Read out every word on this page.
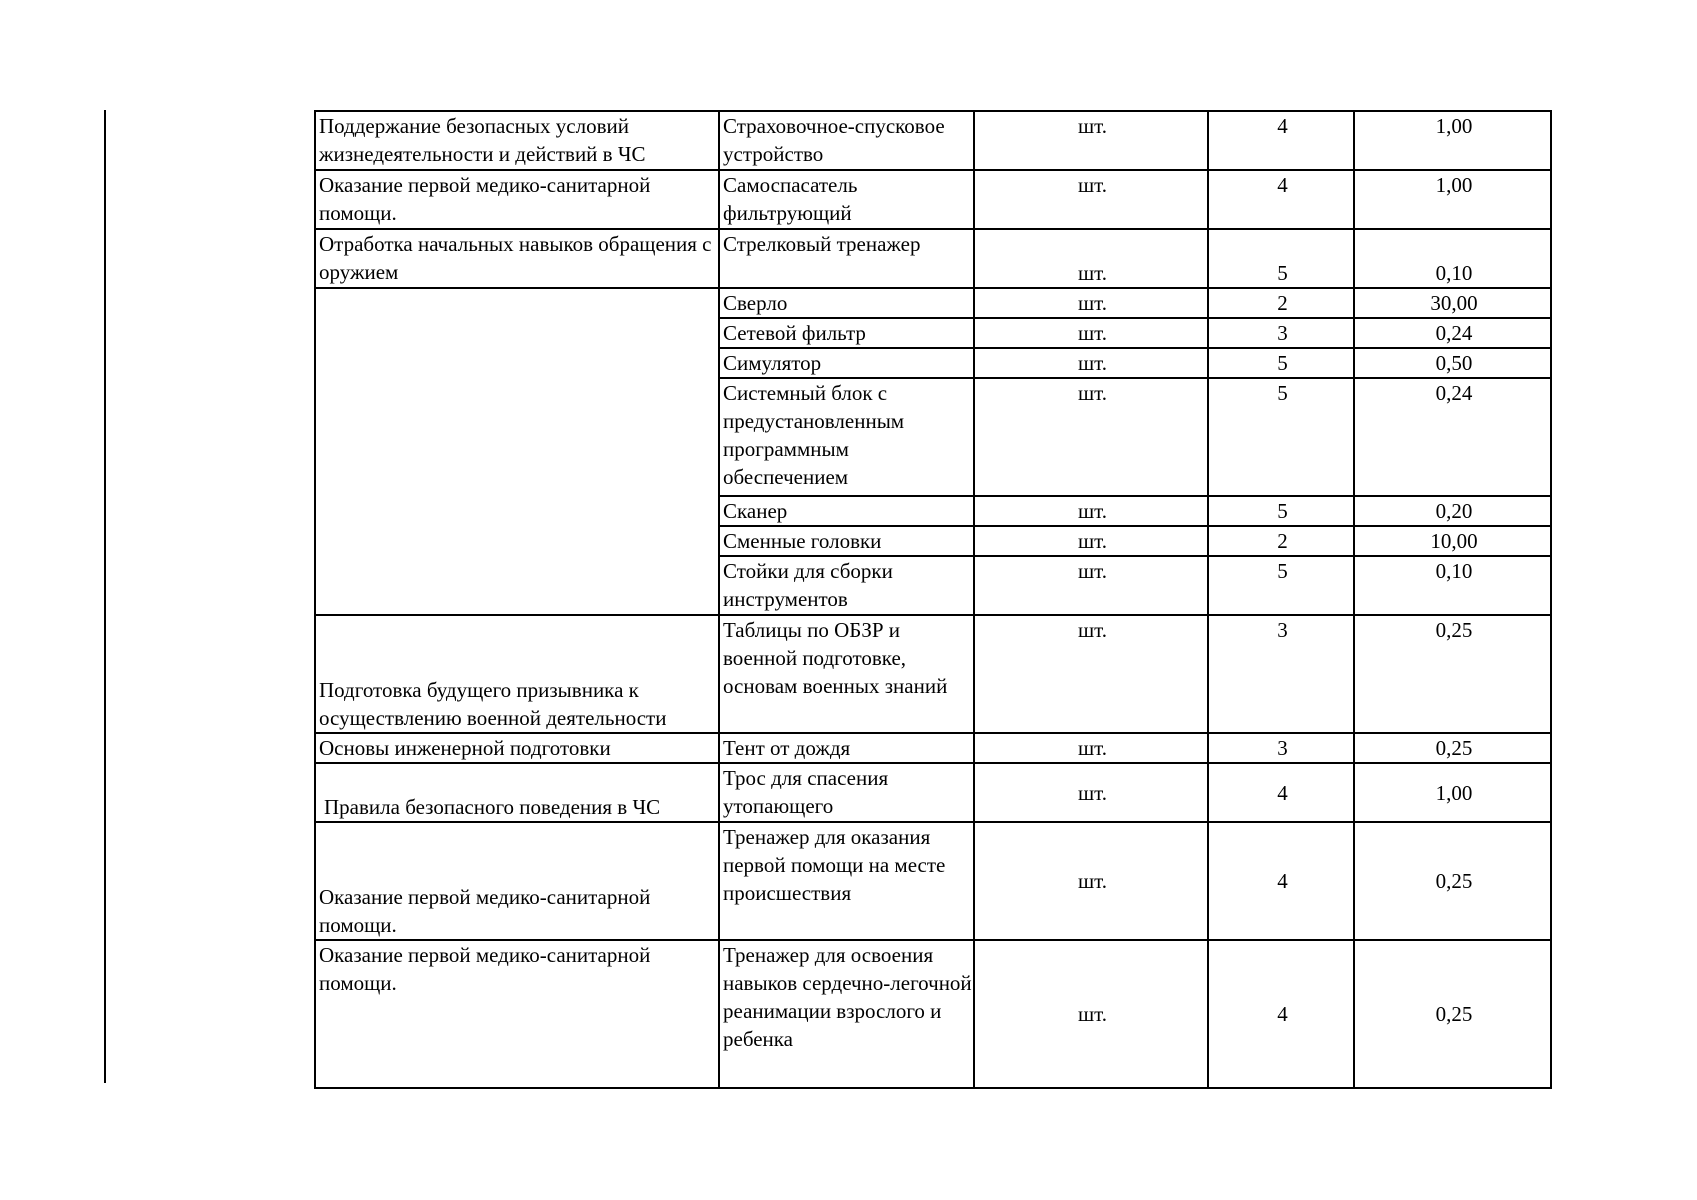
Поддержание безопасных условий жизнедеятельности и действий в ЧС	Страховочное-спусковое устройство	шт.	4	1,00
Оказание первой медико-санитарной помощи.	Самоспасатель фильтрующий	шт.	4	1,00
Отработка начальных навыков обращения с оружием	Стрелковый тренажер	шт.	5	0,10
	Сверло	шт.	2	30,00
	Сетевой фильтр	шт.	3	0,24
	Симулятор	шт.	5	0,50
	Системный блок с предустановленным программным обеспечением	шт.	5	0,24
	Сканер	шт.	5	0,20
	Сменные головки	шт.	2	10,00
	Стойки для сборки инструментов	шт.	5	0,10
Подготовка будущего призывника к осуществлению военной деятельности	Таблицы по ОБЗР и военной подготовке, основам военных знаний	шт.	3	0,25
Основы инженерной подготовки	Тент от дождя	шт.	3	0,25
Правила безопасного поведения в ЧС	Трос для спасения утопающего	шт.	4	1,00
Оказание первой медико-санитарной помощи.	Тренажер для оказания первой помощи на месте происшествия	шт.	4	0,25
Оказание первой медико-санитарной помощи.	Тренажер для освоения навыков сердечно-легочной реанимации взрослого и ребенка	шт.	4	0,25
